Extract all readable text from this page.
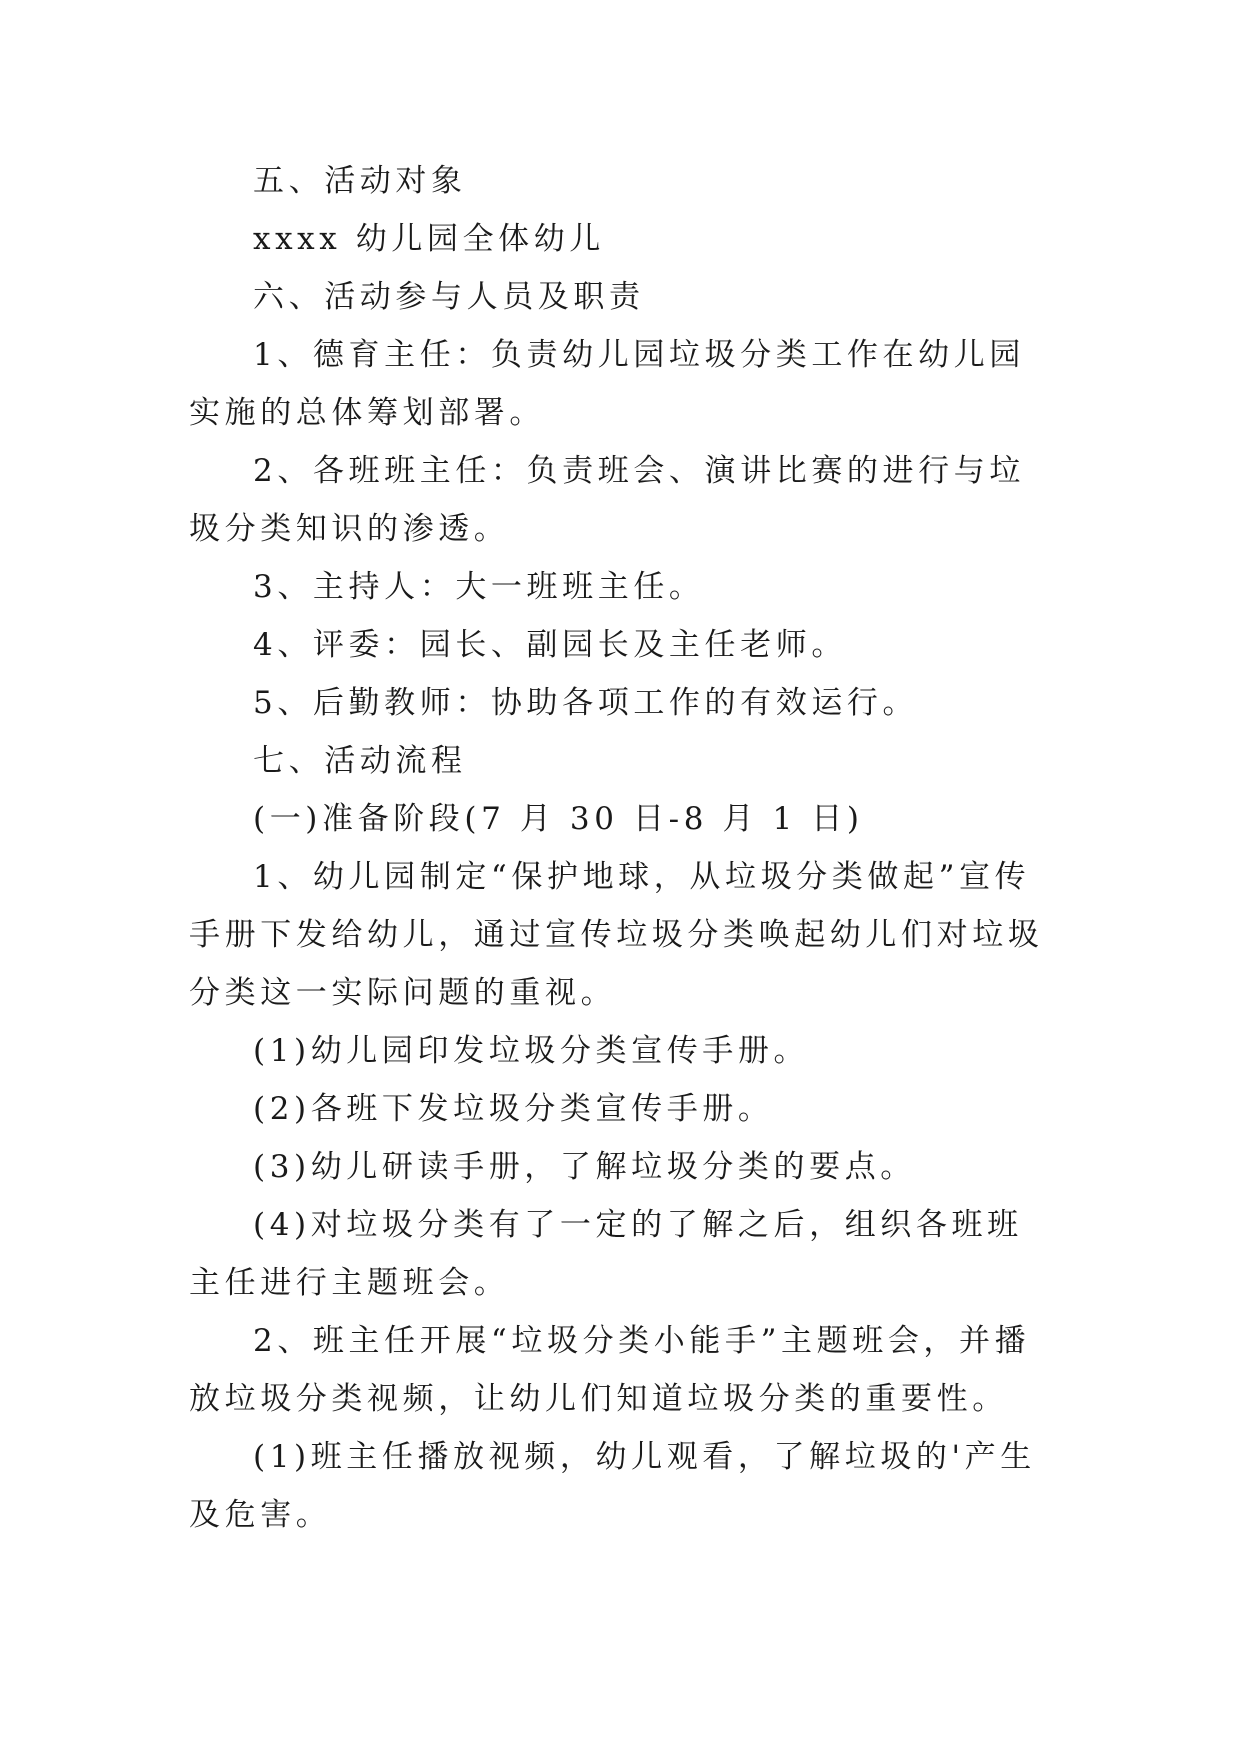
五、活动对象

xxxx 幼儿园全体幼儿

六、活动参与人员及职责

1、德育主任：负责幼儿园垃圾分类工作在幼儿园实施的总体筹划部署。

2、各班班主任：负责班会、演讲比赛的进行与垃圾分类知识的渗透。

3、主持人：大一班班主任。

4、评委：园长、副园长及主任老师。

5、后勤教师：协助各项工作的有效运行。

七、活动流程

(一)准备阶段(7 月 30 日-8 月 1 日)

1、幼儿园制定“保护地球，从垃圾分类做起”宣传手册下发给幼儿，通过宣传垃圾分类唤起幼儿们对垃圾分类这一实际问题的重视。

(1)幼儿园印发垃圾分类宣传手册。

(2)各班下发垃圾分类宣传手册。

(3)幼儿研读手册，了解垃圾分类的要点。

(4)对垃圾分类有了一定的了解之后，组织各班班主任进行主题班会。

2、班主任开展“垃圾分类小能手”主题班会，并播放垃圾分类视频，让幼儿们知道垃圾分类的重要性。

(1)班主任播放视频，幼儿观看，了解垃圾的'产生及危害。
